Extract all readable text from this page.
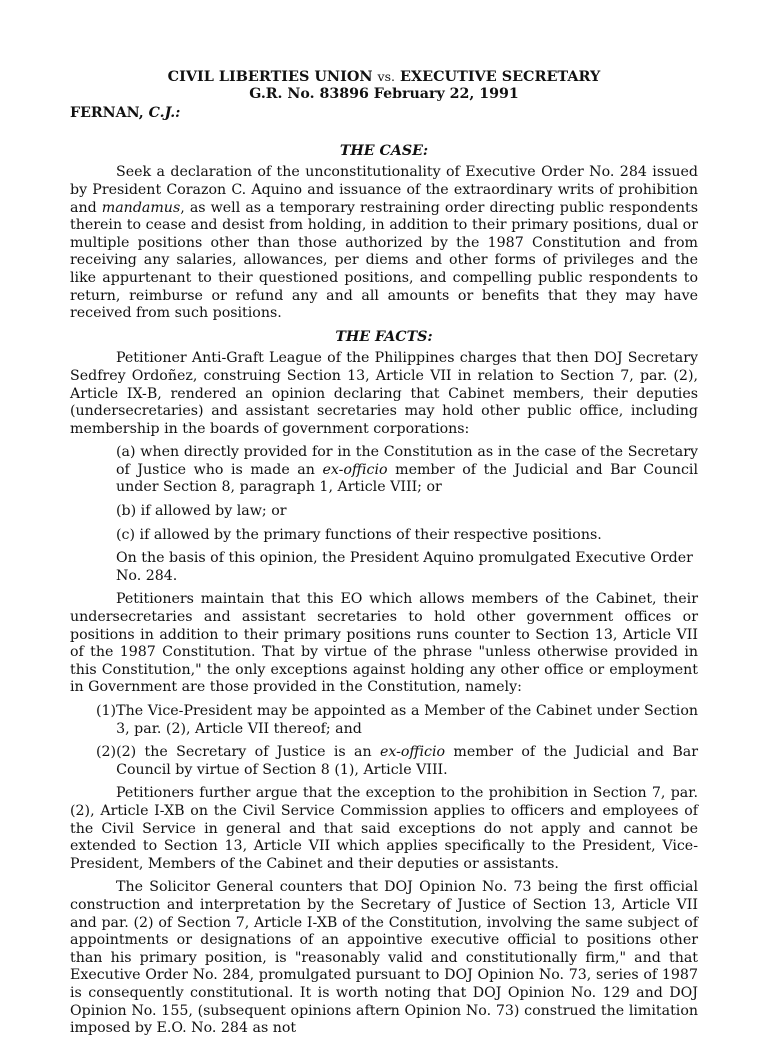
CIVIL LIBERTIES UNION vs. EXECUTIVE SECRETARY
G.R. No. 83896 February 22, 1991
FERNAN, C.J.:
THE CASE:

Seek a declaration of the unconstitutionality of Executive Order No. 284 issued by President Corazon C. Aquino and issuance of the extraordinary writs of prohibition and mandamus, as well as a temporary restraining order directing public respondents therein to cease and desist from holding, in addition to their primary positions, dual or multiple positions other than those authorized by the 1987 Constitution and from receiving any salaries, allowances, per diems and other forms of privileges and the like appurtenant to their questioned positions, and compelling public respondents to return, reimburse or refund any and all amounts or benefits that they may have received from such positions.

THE FACTS:

Petitioner Anti-Graft League of the Philippines charges that then DOJ Secretary Sedfrey Ordoñez, construing Section 13, Article VII in relation to Section 7, par. (2), Article IX-B, rendered an opinion declaring that Cabinet members, their deputies (undersecretaries) and assistant secretaries may hold other public office, including membership in the boards of government corporations:

(a) when directly provided for in the Constitution as in the case of the Secretary of Justice who is made an ex-officio member of the Judicial and Bar Council under Section 8, paragraph 1, Article VIII; or
(b) if allowed by law; or
(c) if allowed by the primary functions of their respective positions.
On the basis of this opinion, the President Aquino promulgated Executive Order No. 284.

Petitioners maintain that this EO which allows members of the Cabinet, their undersecretaries and assistant secretaries to hold other government offices or positions in addition to their primary positions runs counter to Section 13, Article VII of the 1987 Constitution. That by virtue of the phrase "unless otherwise provided in this Constitution," the only exceptions against holding any other office or employment in Government are those provided in the Constitution, namely:

(1) The Vice-President may be appointed as a Member of the Cabinet under Section 3, par. (2), Article VII thereof; and
(2) (2) the Secretary of Justice is an ex-officio member of the Judicial and Bar Council by virtue of Section 8 (1), Article VIII.

Petitioners further argue that the exception to the prohibition in Section 7, par. (2), Article I-XB on the Civil Service Commission applies to officers and employees of the Civil Service in general and that said exceptions do not apply and cannot be extended to Section 13, Article VII which applies specifically to the President, Vice-President, Members of the Cabinet and their deputies or assistants.

The Solicitor General counters that DOJ Opinion No. 73 being the first official construction and interpretation by the Secretary of Justice of Section 13, Article VII and par. (2) of Section 7, Article I-XB of the Constitution, involving the same subject of appointments or designations of an appointive executive official to positions other than his primary position, is "reasonably valid and constitutionally firm," and that Executive Order No. 284, promulgated pursuant to DOJ Opinion No. 73, series of 1987 is consequently constitutional. It is worth noting that DOJ Opinion No. 129 and DOJ Opinion No. 155, (subsequent opinions aftern Opinion No. 73) construed the limitation imposed by E.O. No. 284 as not
